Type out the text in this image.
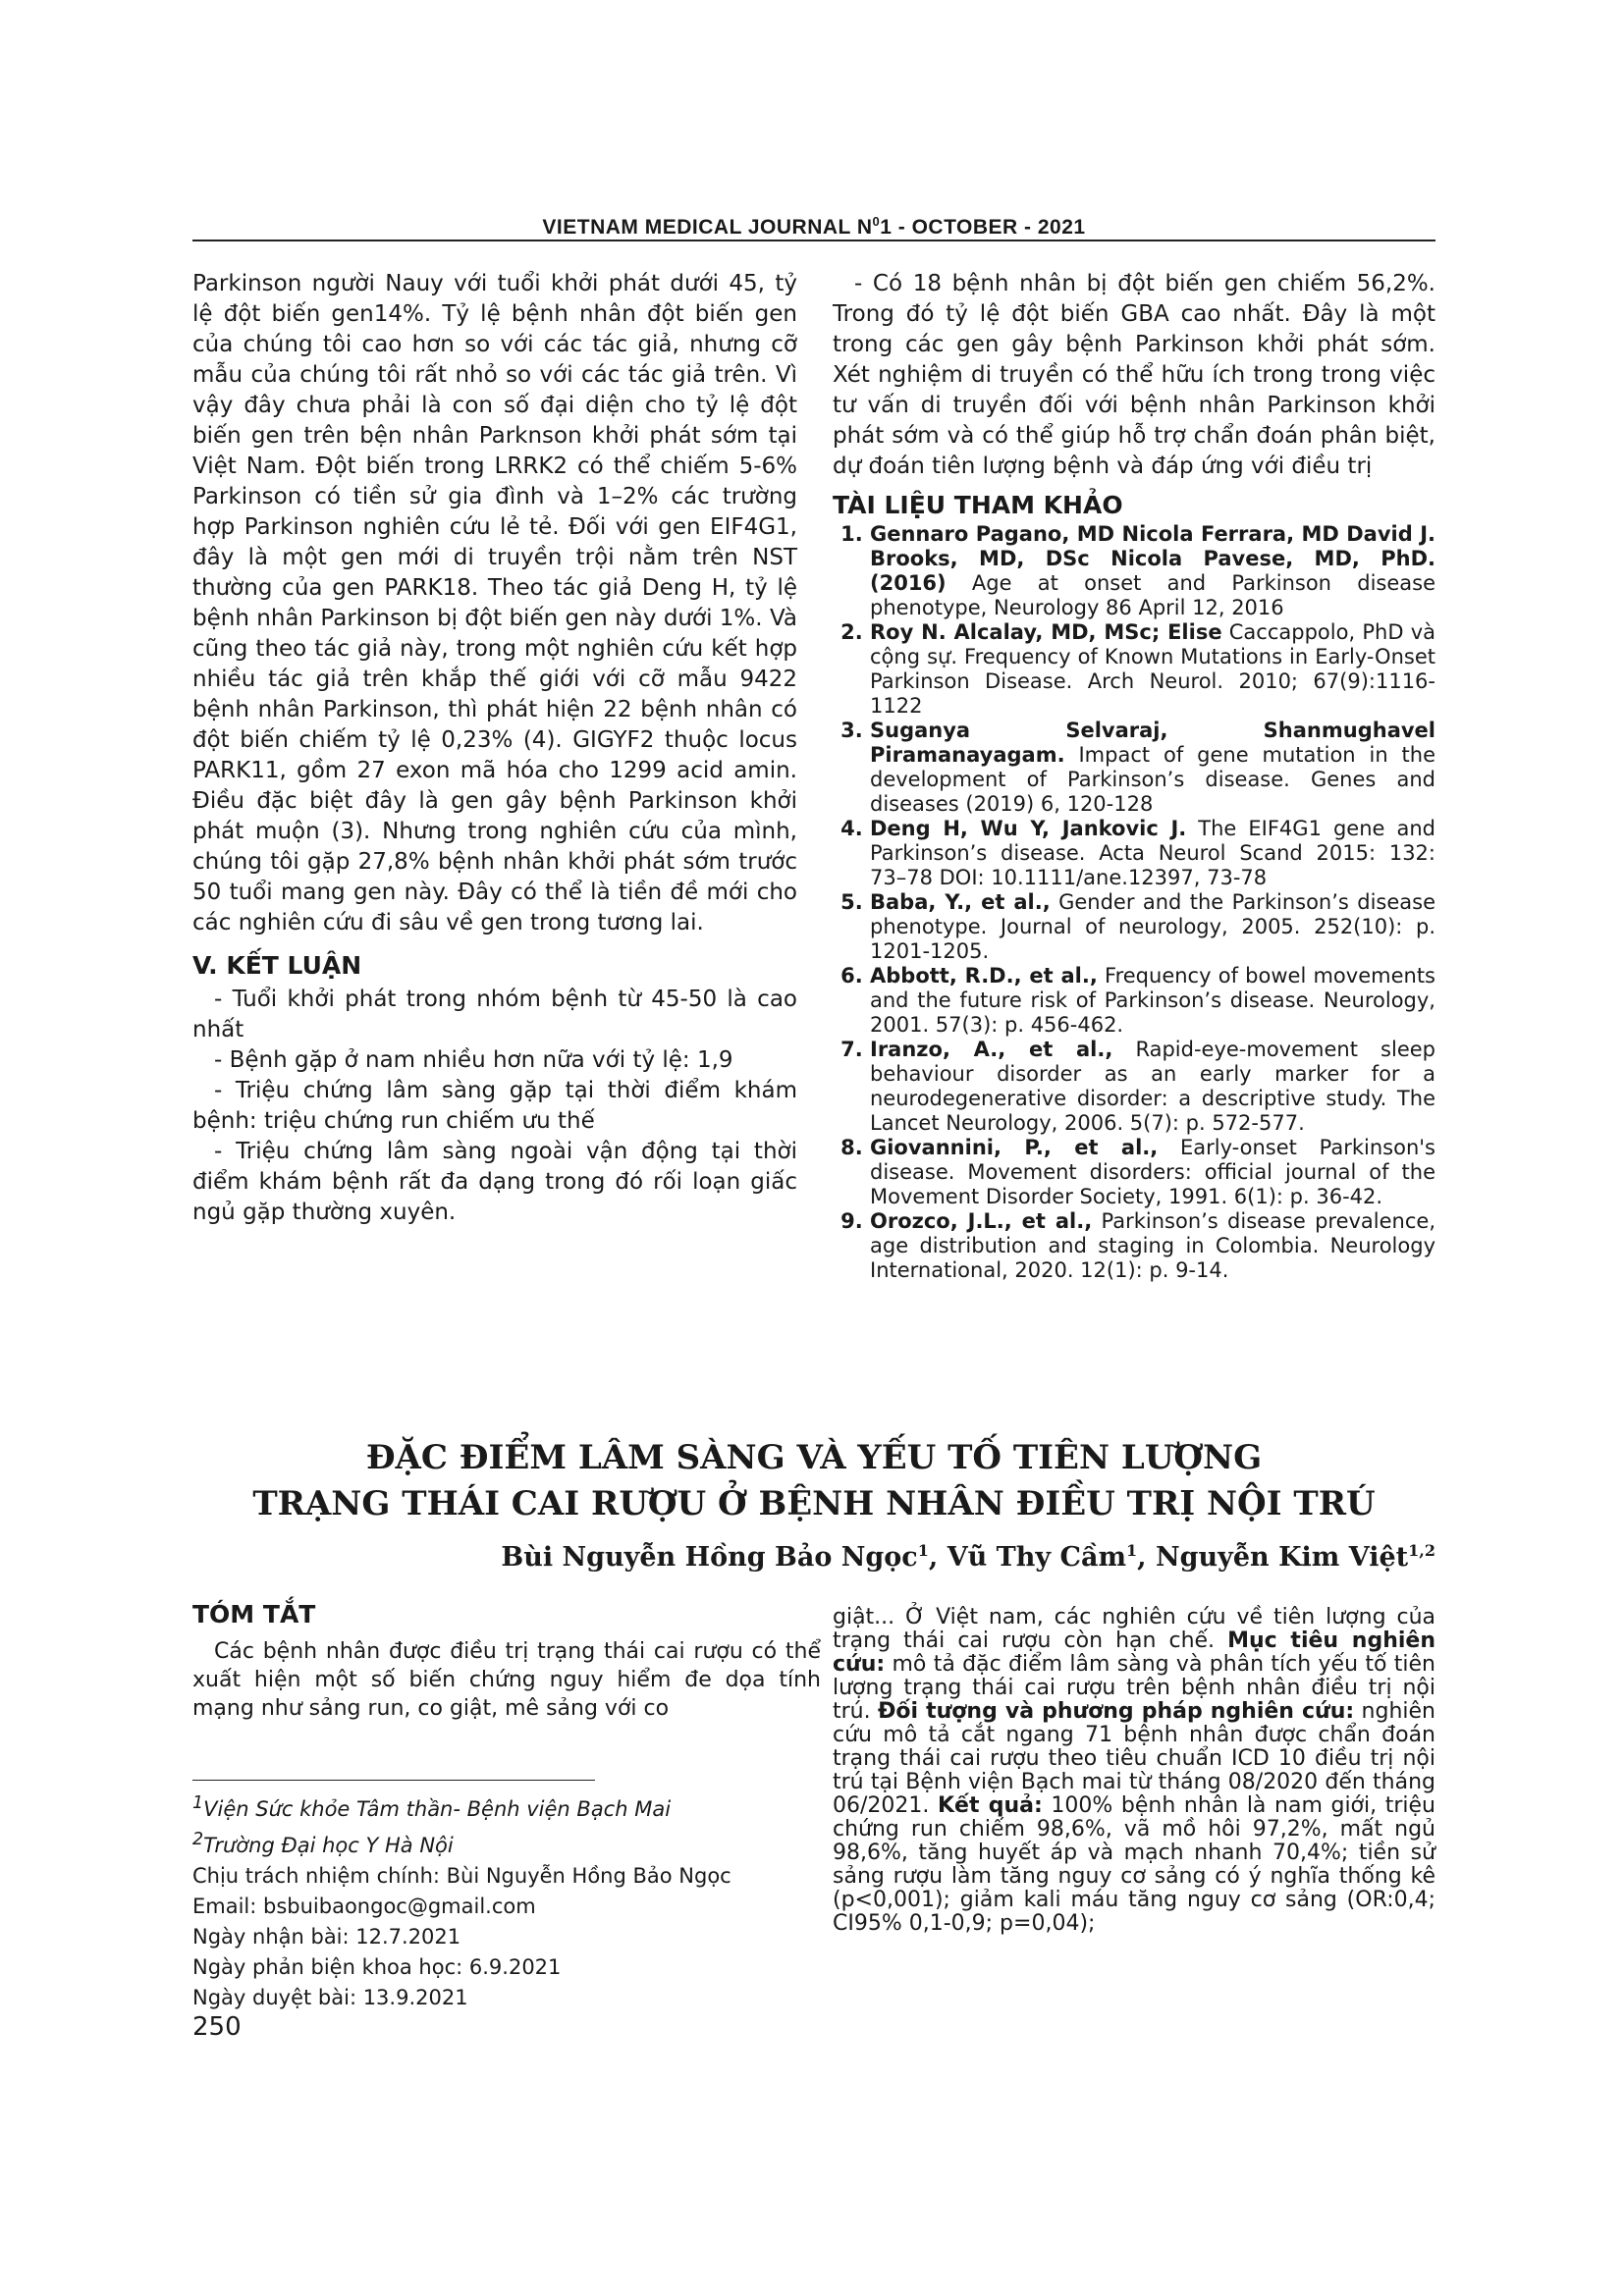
VIETNAM MEDICAL JOURNAL $N^01$ - OCTOBER - 2021

Parkinson người Nauy với tuổi khởi phát dưới 45, tỷ lệ đột biến gen14%. Tỷ lệ bệnh nhân đột biến gen của chúng tôi cao hơn so với các tác giả, nhưng cỡ mẫu của chúng tôi rất nhỏ so với các tác giả trên. Vì vậy đây chưa phải là con số đại diện cho tỷ lệ đột biến gen trên bện nhân Parknson khởi phát sớm tại Việt Nam. Đột biến trong LRRK2 có thể chiếm 5-6% Parkinson có tiền sử gia đình và 1–2% các trường hợp Parkinson nghiên cứu lẻ tẻ. Đối với gen EIF4G1, đây là một gen mới di truyền trội nằm trên NST thường của gen PARK18. Theo tác giả Deng H, tỷ lệ bệnh nhân Parkinson bị đột biến gen này dưới 1%. Và cũng theo tác giả này, trong một nghiên cứu kết hợp nhiều tác giả trên khắp thế giới với cỡ mẫu 9422 bệnh nhân Parkinson, thì phát hiện 22 bệnh nhân có đột biến chiếm tỷ lệ 0,23% (4). GIGYF2 thuộc locus PARK11, gồm 27 exon mã hóa cho 1299 acid amin. Điều đặc biệt đây là gen gây bệnh Parkinson khởi phát muộn (3). Nhưng trong nghiên cứu của mình, chúng tôi gặp 27,8% bệnh nhân khởi phát sớm trước 50 tuổi mang gen này. Đây có thể là tiền đề mới cho các nghiên cứu đi sâu về gen trong tương lai.

V. KẾT LUẬN

- Tuổi khởi phát trong nhóm bệnh từ 45-50 là cao nhất

- Bệnh gặp ở nam nhiều hơn nữa với tỷ lệ: 1,9

- Triệu chứng lâm sàng gặp tại thời điểm khám bệnh: triệu chứng run chiếm ưu thế

- Triệu chứng lâm sàng ngoài vận động tại thời điểm khám bệnh rất đa dạng trong đó rối loạn giấc ngủ gặp thường xuyên.

- Có 18 bệnh nhân bị đột biến gen chiếm 56,2%. Trong đó tỷ lệ đột biến GBA cao nhất. Đây là một trong các gen gây bệnh Parkinson khởi phát sớm. Xét nghiệm di truyền có thể hữu ích trong trong việc tư vấn di truyền đối với bệnh nhân Parkinson khởi phát sớm và có thể giúp hỗ trợ chẩn đoán phân biệt, dự đoán tiên lượng bệnh và đáp ứng với điều trị

TÀI LIỆU THAM KHẢO

1. Gennaro Pagano, MD Nicola Ferrara, MD David J. Brooks, MD, DSc Nicola Pavese, MD, PhD. (2016) Age at onset and Parkinson disease phenotype, Neurology 86 April 12, 2016
2. Roy N. Alcalay, MD, MSc; Elise Caccappolo, PhD và cộng sự. Frequency of Known Mutations in Early-Onset Parkinson Disease. Arch Neurol. 2010; 67(9):1116-1122
3. Suganya Selvaraj, Shanmughavel Piramanayagam. Impact of gene mutation in the development of Parkinson’s disease. Genes and diseases (2019) 6, 120-128
4. Deng H, Wu Y, Jankovic J. The EIF4G1 gene and Parkinson’s disease. Acta Neurol Scand 2015: 132: 73–78 DOI: 10.1111/ane.12397, 73-78
5. Baba, Y., et al., Gender and the Parkinson’s disease phenotype. Journal of neurology, 2005. 252(10): p. 1201-1205.
6. Abbott, R.D., et al., Frequency of bowel movements and the future risk of Parkinson’s disease. Neurology, 2001. 57(3): p. 456-462.
7. Iranzo, A., et al., Rapid-eye-movement sleep behaviour disorder as an early marker for a neurodegenerative disorder: a descriptive study. The Lancet Neurology, 2006. 5(7): p. 572-577.
8. Giovannini, P., et al., Early-onset Parkinson's disease. Movement disorders: official journal of the Movement Disorder Society, 1991. 6(1): p. 36-42.
9. Orozco, J.L., et al., Parkinson’s disease prevalence, age distribution and staging in Colombia. Neurology International, 2020. 12(1): p. 9-14.
ĐẶC ĐIỂM LÂM SÀNG VÀ YẾU TỐ TIÊN LƯỢNG
TRẠNG THÁI CAI RƯỢU Ở BỆNH NHÂN ĐIỀU TRỊ NỘI TRÚ
Bùi Nguyễn Hồng Bảo Ngọc$^1$, Vũ Thy Cầm$^1$, Nguyễn Kim Việt$^{1,2}$
TÓM TẮT
Các bệnh nhân được điều trị trạng thái cai rượu có thể xuất hiện một số biến chứng nguy hiểm đe dọa tính mạng như sảng run, co giật, mê sảng với co
giật... Ở Việt nam, các nghiên cứu về tiên lượng của trạng thái cai rượu còn hạn chế. Mục tiêu nghiên cứu: mô tả đặc điểm lâm sàng và phân tích yếu tố tiên lượng trạng thái cai rượu trên bệnh nhân điều trị nội trú. Đối tượng và phương pháp nghiên cứu: nghiên cứu mô tả cắt ngang 71 bệnh nhân được chẩn đoán trạng thái cai rượu theo tiêu chuẩn ICD 10 điều trị nội trú tại Bệnh viện Bạch mai từ tháng 08/2020 đến tháng 06/2021. Kết quả: 100% bệnh nhân là nam giới, triệu chứng run chiếm 98,6%, vã mồ hôi 97,2%, mất ngủ 98,6%, tăng huyết áp và mạch nhanh 70,4%; tiền sử sảng rượu làm tăng nguy cơ sảng có ý nghĩa thống kê (p<0,001); giảm kali máu tăng nguy cơ sảng (OR:0,4; CI95% 0,1-0,9; p=0,04);
$^1$Viện Sức khỏe Tâm thần- Bệnh viện Bạch Mai
$^2$Trường Đại học Y Hà Nội
Chịu trách nhiệm chính: Bùi Nguyễn Hồng Bảo Ngọc
Email: bsbuibaongoc@gmail.com
Ngày nhận bài: 12.7.2021
Ngày phản biện khoa học: 6.9.2021
Ngày duyệt bài: 13.9.2021
250
